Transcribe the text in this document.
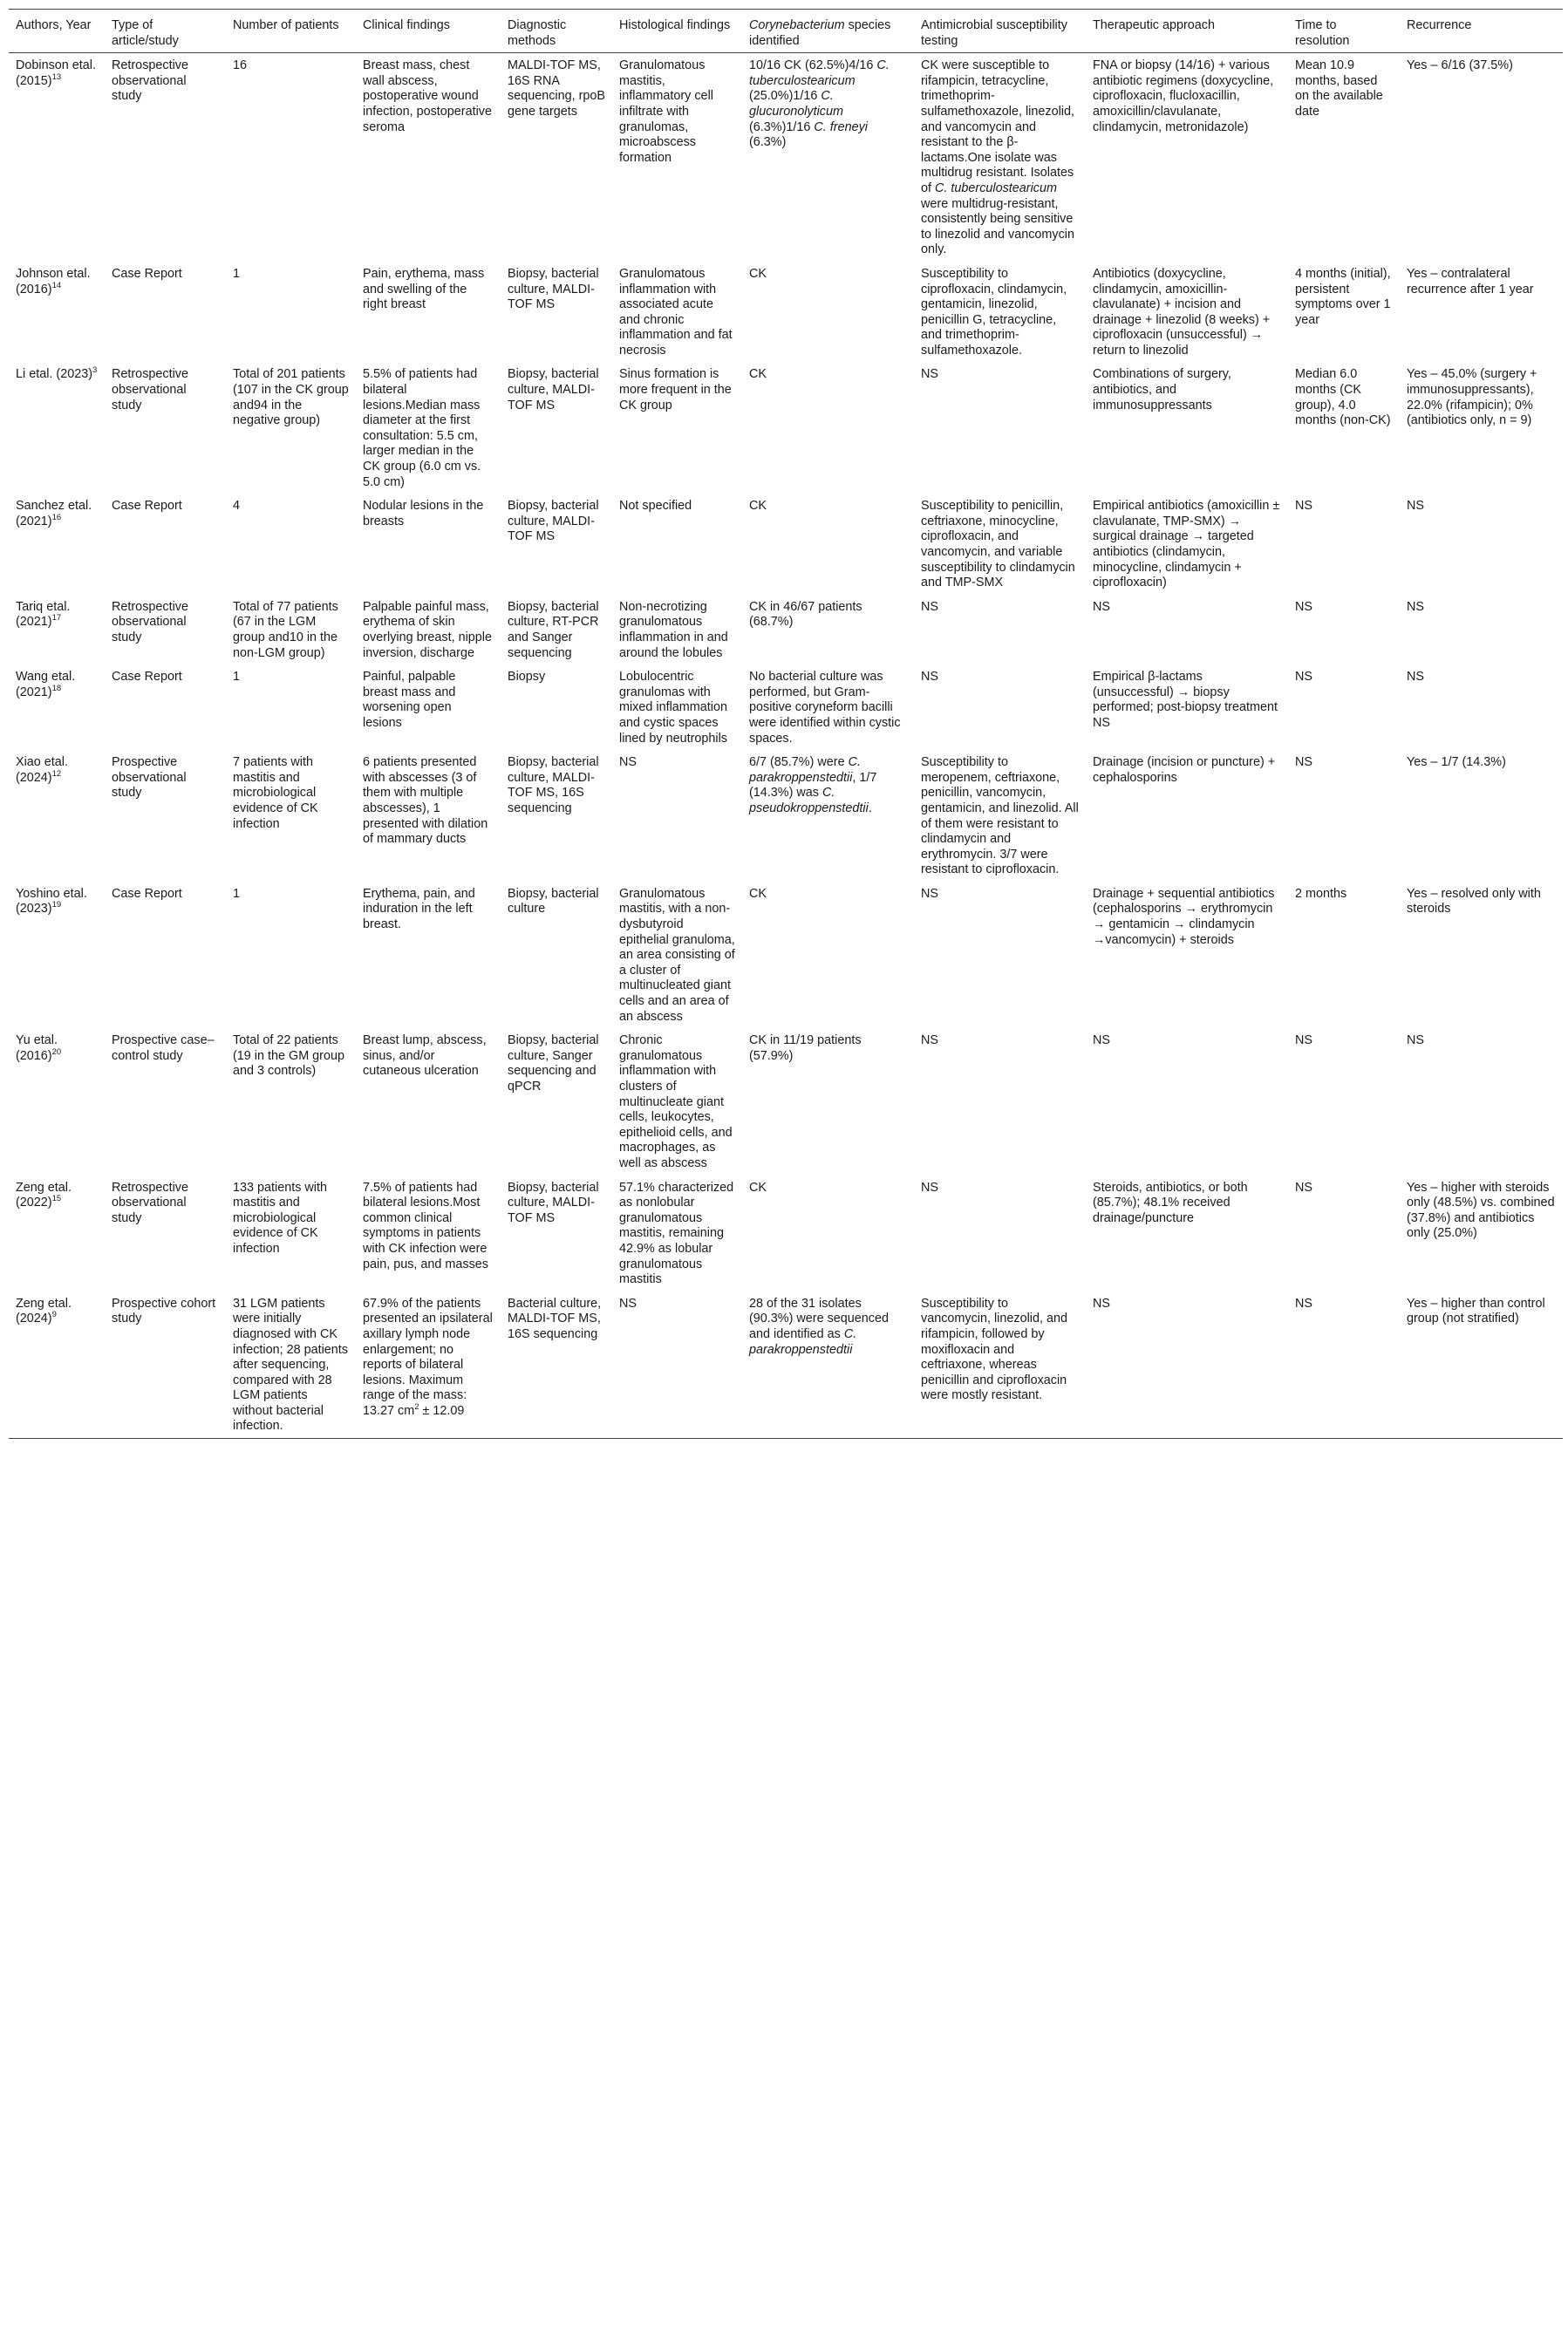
Authors, Year	Type of article/study	Number of patients	Clinical findings	Diagnostic methods	Histological findings	Corynebacterium species identified	Antimicrobial susceptibility testing	Therapeutic approach	Time to resolution	Recurrence
Dobinson etal. $(2015)^{13}$	Retrospective observational study	16	Breast mass, chest wall abscess, postoperative wound infection, postoperative seroma	MALDI-TOF MS, 16S RNA sequencing, rpoB gene targets	Granulomatous mastitis, inflammatory cell infiltrate with granulomas, microabscess formation	10/16 CK (62.5%)4/16 C. tuberculostearicum (25.0%)1/16 C. glucuronolyticum (6.3%)1/16 C. freneyi (6.3%)	CK were susceptible to rifampicin, tetracycline, trimethoprim-sulfamethoxazole, linezolid, and vancomycin and resistant to the β-lactams.One isolate was multidrug resistant. Isolates of C. tuberculostearicum were multidrug-resistant, consistently being sensitive to linezolid and vancomycin only.	FNA or biopsy (14/16) + various antibiotic regimens (doxycycline, ciprofloxacin, flucloxacillin, amoxicillin/clavulanate, clindamycin, metronidazole)	Mean 10.9 months, based on the available date	Yes – 6/16 (37.5%)
Johnson etal. $(2016)^{14}$	Case Report	1	Pain, erythema, mass and swelling of the right breast	Biopsy, bacterial culture, MALDI-TOF MS	Granulomatous inflammation with associated acute and chronic inflammation and fat necrosis	CK	Susceptibility to ciprofloxacin, clindamycin, gentamicin, linezolid, penicillin G, tetracycline, and trimethoprim-sulfamethoxazole.	Antibiotics (doxycycline, clindamycin, amoxicillin-clavulanate) + incision and drainage + linezolid (8 weeks) + ciprofloxacin (unsuccessful) → return to linezolid	4 months (initial), persistent symptoms over 1 year	Yes – contralateral recurrence after 1 year
Li etal. $(2023)^3$	Retrospective observational study	Total of 201 patients (107 in the CK group and94 in the negative group)	5.5% of patients had bilateral lesions.Median mass diameter at the first consultation: 5.5 cm, larger median in the CK group (6.0 cm vs. 5.0 cm)	Biopsy, bacterial culture, MALDI-TOF MS	Sinus formation is more frequent in the CK group	CK	NS	Combinations of surgery, antibiotics, and immunosuppressants	Median 6.0 months (CK group), 4.0 months (non-CK)	Yes – 45.0% (surgery + immunosuppressants), 22.0% (rifampicin); 0% (antibiotics only, n = 9)
Sanchez etal. $(2021)^{16}$	Case Report	4	Nodular lesions in the breasts	Biopsy, bacterial culture, MALDI-TOF MS	Not specified	CK	Susceptibility to penicillin, ceftriaxone, minocycline, ciprofloxacin, and vancomycin, and variable susceptibility to clindamycin and TMP-SMX	Empirical antibiotics (amoxicillin ± clavulanate, TMP-SMX) → surgical drainage → targeted antibiotics (clindamycin, minocycline, clindamycin + ciprofloxacin)	NS	NS
Tariq etal. $(2021)^{17}$	Retrospective observational study	Total of 77 patients (67 in the LGM group and10 in the non-LGM group)	Palpable painful mass, erythema of skin overlying breast, nipple inversion, discharge	Biopsy, bacterial culture, RT-PCR and Sanger sequencing	Non-necrotizing granulomatous inflammation in and around the lobules	CK in 46/67 patients (68.7%)	NS	NS	NS	NS
Wang etal. $(2021)^{18}$	Case Report	1	Painful, palpable breast mass and worsening open lesions	Biopsy	Lobulocentric granulomas with mixed inflammation and cystic spaces lined by neutrophils	No bacterial culture was performed, but Gram-positive coryneform bacilli were identified within cystic spaces.	NS	Empirical β-lactams (unsuccessful) → biopsy performed; post-biopsy treatment NS	NS	NS
Xiao etal. $(2024)^{12}$	Prospective observational study	7 patients with mastitis and microbiological evidence of CK infection	6 patients presented with abscesses (3 of them with multiple abscesses), 1 presented with dilation of mammary ducts	Biopsy, bacterial culture, MALDI-TOF MS, 16S sequencing	NS	6/7 (85.7%) were C. parakroppenstedtii, 1/7 (14.3%) was C. pseudokroppenstedtii.	Susceptibility to meropenem, ceftriaxone, penicillin, vancomycin, gentamicin, and linezolid. All of them were resistant to clindamycin and erythromycin. 3/7 were resistant to ciprofloxacin.	Drainage (incision or puncture) + cephalosporins	NS	Yes – 1/7 (14.3%)
Yoshino etal. $(2023)^{19}$	Case Report	1	Erythema, pain, and induration in the left breast.	Biopsy, bacterial culture	Granulomatous mastitis, with a non-dysbutyroid epithelial granuloma, an area consisting of a cluster of multinucleated giant cells and an area of an abscess	CK	NS	Drainage + sequential antibiotics (cephalosporins → erythromycin → gentamicin → clindamycin →vancomycin) + steroids	2 months	Yes – resolved only with steroids
Yu etal. $(2016)^{20}$	Prospective case–control study	Total of 22 patients (19 in the GM group and 3 controls)	Breast lump, abscess, sinus, and/or cutaneous ulceration	Biopsy, bacterial culture, Sanger sequencing and qPCR	Chronic granulomatous inflammation with clusters of multinucleate giant cells, leukocytes, epithelioid cells, and macrophages, as well as abscess	CK in 11/19 patients (57.9%)	NS	NS	NS	NS
Zeng etal. $(2022)^{15}$	Retrospective observational study	133 patients with mastitis and microbiological evidence of CK infection	7.5% of patients had bilateral lesions.Most common clinical symptoms in patients with CK infection were pain, pus, and masses	Biopsy, bacterial culture, MALDI-TOF MS	57.1% characterized as nonlobular granulomatous mastitis, remaining 42.9% as lobular granulomatous mastitis	CK	NS	Steroids, antibiotics, or both (85.7%); 48.1% received drainage/puncture	NS	Yes – higher with steroids only (48.5%) vs. combined (37.8%) and antibiotics only (25.0%)
Zeng etal. $(2024)^9$	Prospective cohort study	31 LGM patients were initially diagnosed with CK infection; 28 patients after sequencing, compared with 28 LGM patients without bacterial infection.	67.9% of the patients presented an ipsilateral axillary lymph node enlargement; no reports of bilateral lesions. Maximum range of the mass: 13.27 $cm^2 \pm 12.09$	Bacterial culture, MALDI-TOF MS, 16S sequencing	NS	28 of the 31 isolates (90.3%) were sequenced and identified as C. parakroppenstedtii	Susceptibility to vancomycin, linezolid, and rifampicin, followed by moxifloxacin and ceftriaxone, whereas penicillin and ciprofloxacin were mostly resistant.	NS	NS	Yes – higher than control group (not stratified)
